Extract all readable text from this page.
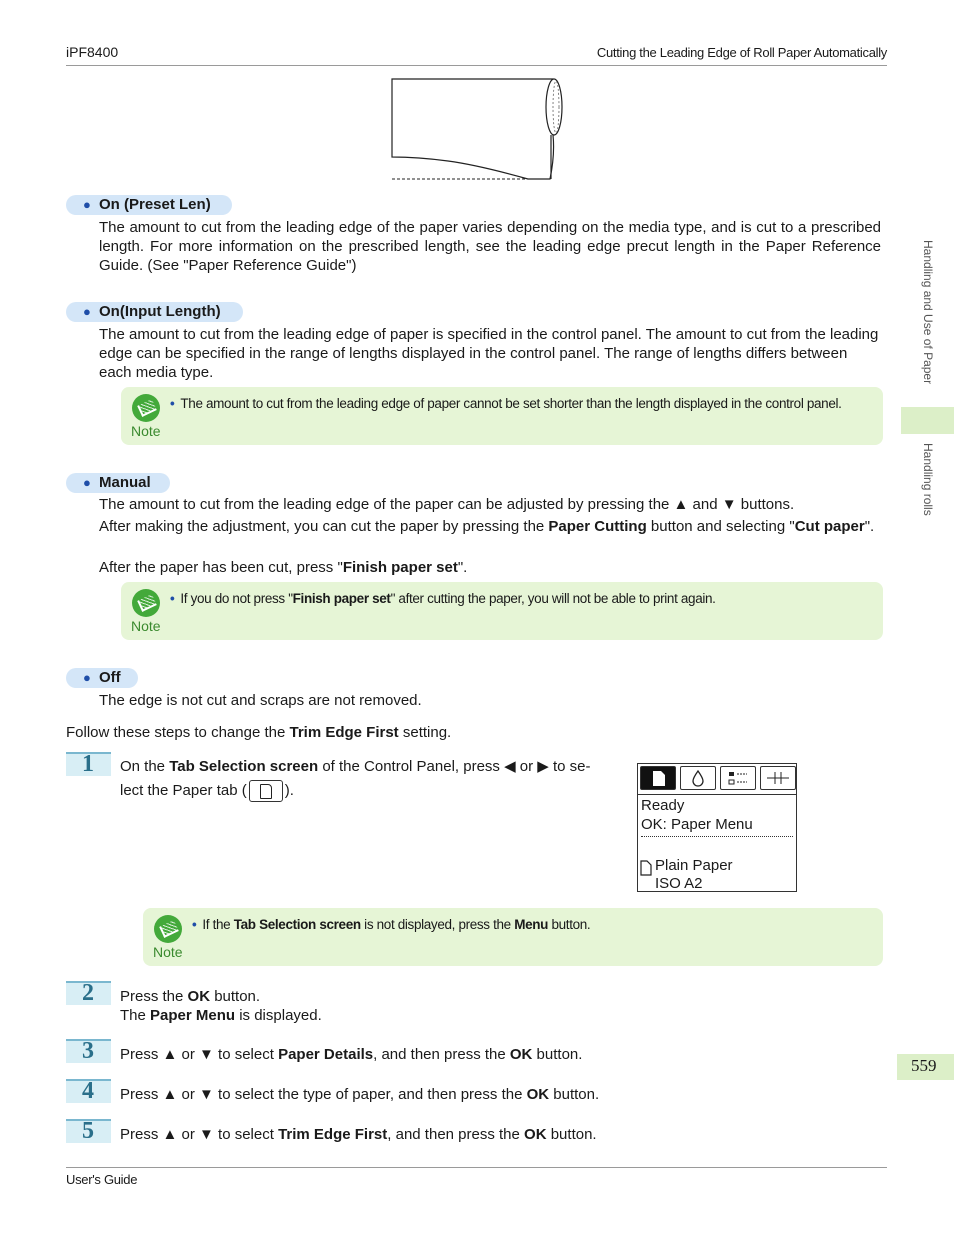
iPF8400	Cutting the Leading Edge of Roll Paper Automatically
Handling and Use of Paper
Handling rolls
559
User's Guide
● On (Preset Len)
The amount to cut from the leading edge of the paper varies depending on the media type, and is cut to a prescribed length. For more information on the prescribed length, see the leading edge precut length in the Paper Reference Guide. (See "Paper Reference Guide")
● On(Input Length)
The amount to cut from the leading edge of paper is specified in the control panel. The amount to cut from the leading edge can be specified in the range of lengths displayed in the control panel. The range of lengths differs between each media type.
Note
• The amount to cut from the leading edge of paper cannot be set shorter than the length displayed in the control panel.
● Manual
The amount to cut from the leading edge of the paper can be adjusted by pressing the ▲ and ▼ buttons.
After making the adjustment, you can cut the paper by pressing the Paper Cutting button and selecting "Cut paper".
After the paper has been cut, press "Finish paper set".
Note
• If you do not press "Finish paper set" after cutting the paper, you will not be able to print again.
● Off
The edge is not cut and scraps are not removed.
Follow these steps to change the Trim Edge First setting.
1 On the Tab Selection screen of the Control Panel, press ◀ or ▶ to se-
lect the Paper tab (	).
Ready
OK: Paper Menu
Plain Paper
ISO A2
Note
• If the Tab Selection screen is not displayed, press the Menu button.
2 Press the OK button.
The Paper Menu is displayed.
3 Press ▲ or ▼ to select Paper Details, and then press the OK button.
4 Press ▲ or ▼ to select the type of paper, and then press the OK button.
5 Press ▲ or ▼ to select Trim Edge First, and then press the OK button.
